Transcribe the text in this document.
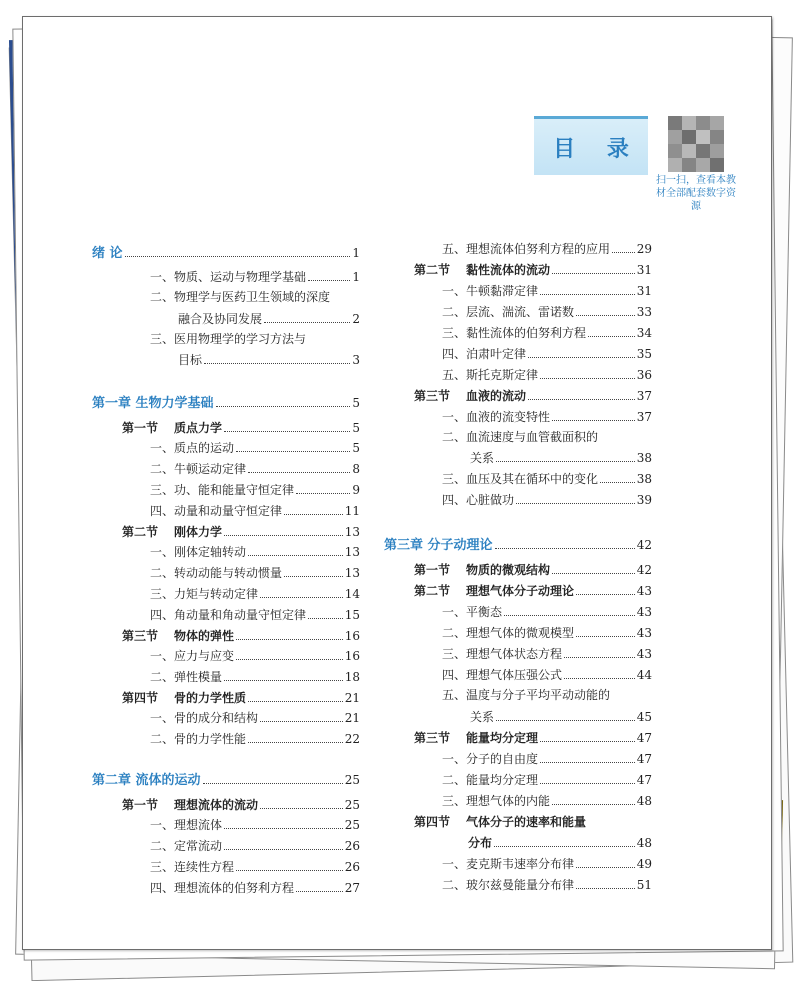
目 录
扫一扫，查看本教材全部配套数字资源
绪 论	1
一、物质、运动与物理学基础	1
二、物理学与医药卫生领域的深度
融合及协同发展	2
三、医用物理学的学习方法与
目标	3
第一章 生物力学基础	5
第一节 质点力学	5
一、质点的运动	5
二、牛顿运动定律	8
三、功、能和能量守恒定律	9
四、动量和动量守恒定律	11
第二节 刚体力学	13
一、刚体定轴转动	13
二、转动动能与转动惯量	13
三、力矩与转动定律	14
四、角动量和角动量守恒定律	15
第三节 物体的弹性	16
一、应力与应变	16
二、弹性模量	18
第四节 骨的力学性质	21
一、骨的成分和结构	21
二、骨的力学性能	22
第二章 流体的运动	25
第一节 理想流体的流动	25
一、理想流体	25
二、定常流动	26
三、连续性方程	26
四、理想流体的伯努利方程	27
五、理想流体伯努利方程的应用 29
第二节 黏性流体的流动	31
一、牛顿黏滞定律	31
二、层流、湍流、雷诺数	33
三、黏性流体的伯努利方程	34
四、泊肃叶定律	35
五、斯托克斯定律	36
第三节 血液的流动	37
一、血液的流变特性	37
二、血流速度与血管截面积的
关系	38
三、血压及其在循环中的变化	38
四、心脏做功	39
第三章 分子动理论	42
第一节 物质的微观结构	42
第二节 理想气体分子动理论	43
一、平衡态	43
二、理想气体的微观模型	43
三、理想气体状态方程	43
四、理想气体压强公式	44
五、温度与分子平均平动动能的
关系	45
第三节 能量均分定理	47
一、分子的自由度	47
二、能量均分定理	47
三、理想气体的内能	48
第四节 气体分子的速率和能量
分布	48
一、麦克斯韦速率分布律	49
二、玻尔兹曼能量分布律	51
